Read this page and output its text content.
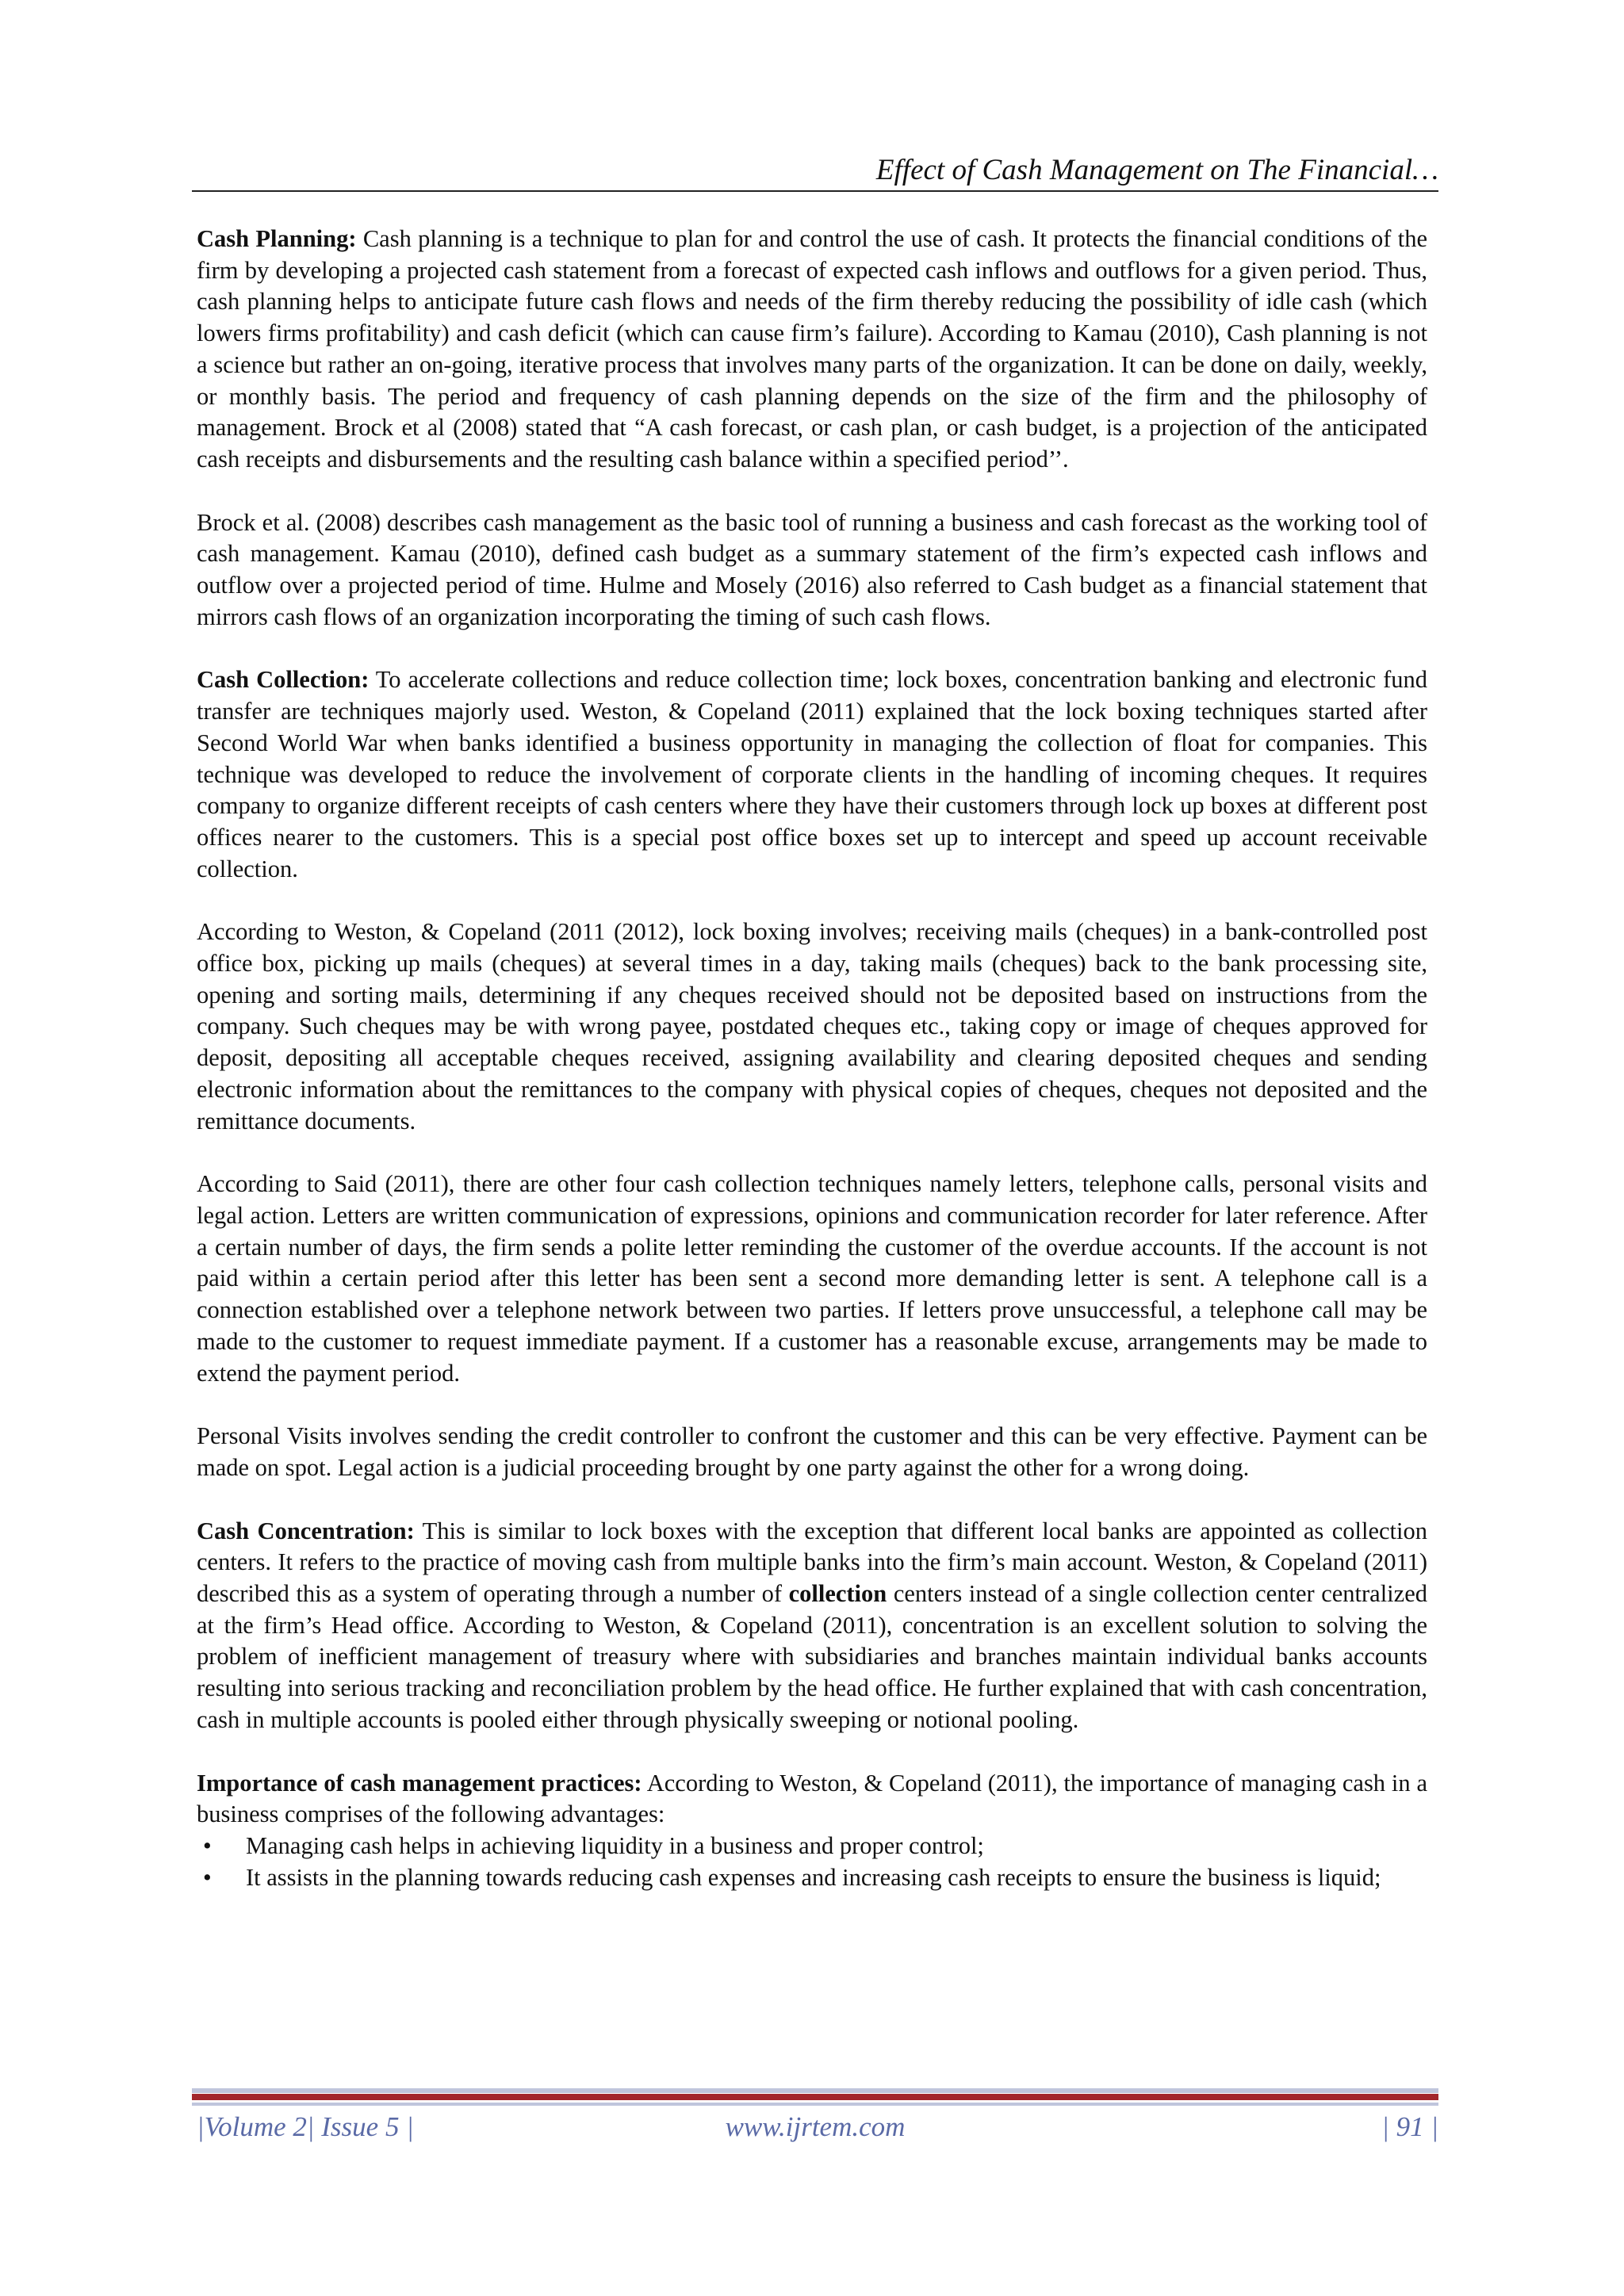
Effect of Cash Management on The Financial…

Cash Planning: Cash planning is a technique to plan for and control the use of cash. It protects the financial conditions of the firm by developing a projected cash statement from a forecast of expected cash inflows and outflows for a given period. Thus, cash planning helps to anticipate future cash flows and needs of the firm thereby reducing the possibility of idle cash (which lowers firms profitability) and cash deficit (which can cause firm’s failure). According to Kamau (2010), Cash planning is not a science but rather an on-going, iterative process that involves many parts of the organization. It can be done on daily, weekly, or monthly basis. The period and frequency of cash planning depends on the size of the firm and the philosophy of management. Brock et al (2008) stated that “A cash forecast, or cash plan, or cash budget, is a projection of the anticipated cash receipts and disbursements and the resulting cash balance within a specified period’’.

Brock et al. (2008) describes cash management as the basic tool of running a business and cash forecast as the working tool of cash management. Kamau (2010), defined cash budget as a summary statement of the firm’s expected cash inflows and outflow over a projected period of time. Hulme and Mosely (2016) also referred to Cash budget as a financial statement that mirrors cash flows of an organization incorporating the timing of such cash flows.

Cash Collection: To accelerate collections and reduce collection time; lock boxes, concentration banking and electronic fund transfer are techniques majorly used. Weston, & Copeland (2011) explained that the lock boxing techniques started after Second World War when banks identified a business opportunity in managing the collection of float for companies. This technique was developed to reduce the involvement of corporate clients in the handling of incoming cheques. It requires company to organize different receipts of cash centers where they have their customers through lock up boxes at different post offices nearer to the customers. This is a special post office boxes set up to intercept and speed up account receivable collection.

According to Weston, & Copeland (2011 (2012), lock boxing involves; receiving mails (cheques) in a bank-controlled post office box, picking up mails (cheques) at several times in a day, taking mails (cheques) back to the bank processing site, opening and sorting mails, determining if any cheques received should not be deposited based on instructions from the company. Such cheques may be with wrong payee, postdated cheques etc., taking copy or image of cheques approved for deposit, depositing all acceptable cheques received, assigning availability and clearing deposited cheques and sending electronic information about the remittances to the company with physical copies of cheques, cheques not deposited and the remittance documents.

According to Said (2011), there are other four cash collection techniques namely letters, telephone calls, personal visits and legal action. Letters are written communication of expressions, opinions and communication recorder for later reference. After a certain number of days, the firm sends a polite letter reminding the customer of the overdue accounts. If the account is not paid within a certain period after this letter has been sent a second more demanding letter is sent. A telephone call is a connection established over a telephone network between two parties. If letters prove unsuccessful, a telephone call may be made to the customer to request immediate payment. If a customer has a reasonable excuse, arrangements may be made to extend the payment period.

Personal Visits involves sending the credit controller to confront the customer and this can be very effective. Payment can be made on spot. Legal action is a judicial proceeding brought by one party against the other for a wrong doing.

Cash Concentration: This is similar to lock boxes with the exception that different local banks are appointed as collection centers. It refers to the practice of moving cash from multiple banks into the firm’s main account. Weston, & Copeland (2011) described this as a system of operating through a number of collection centers instead of a single collection center centralized at the firm’s Head office. According to Weston, & Copeland (2011), concentration is an excellent solution to solving the problem of inefficient management of treasury where with subsidiaries and branches maintain individual banks accounts resulting into serious tracking and reconciliation problem by the head office. He further explained that with cash concentration, cash in multiple accounts is pooled either through physically sweeping or notional pooling.

Importance of cash management practices: According to Weston, & Copeland (2011), the importance of managing cash in a business comprises of the following advantages:

• Managing cash helps in achieving liquidity in a business and proper control;
• It assists in the planning towards reducing cash expenses and increasing cash receipts to ensure the business is liquid;
|Volume 2| Issue 5 |	www.ijrtem.com	| 91 |
